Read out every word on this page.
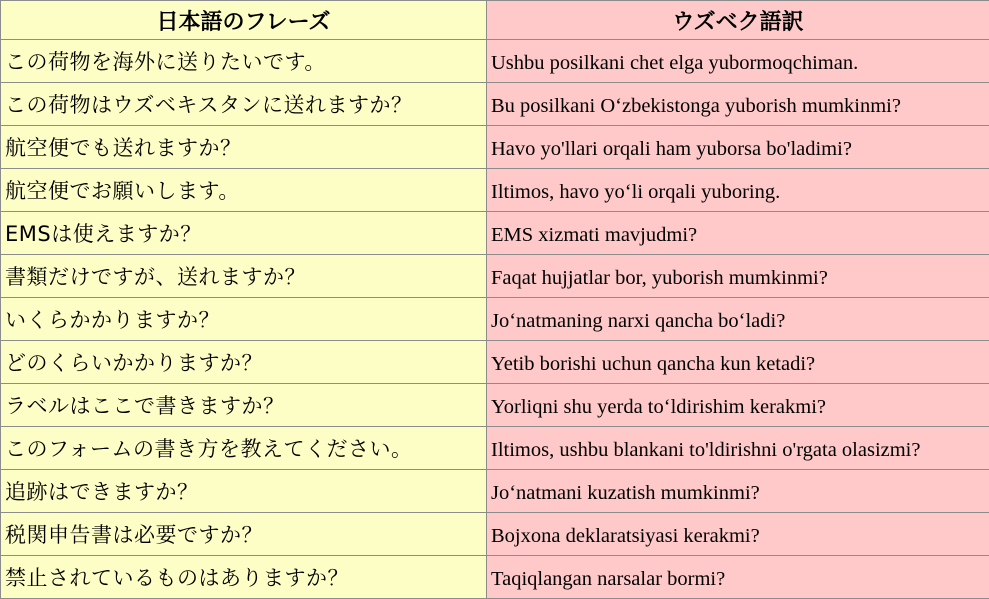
日本語のフレーズ	ウズベク語訳
この荷物を海外に送りたいです。	Ushbu posilkani chet elga yubormoqchiman.
この荷物はウズベキスタンに送れますか？	Bu posilkani O‘zbekistonga yuborish mumkinmi?
航空便でも送れますか？	Havo yo'llari orqali ham yuborsa bo'ladimi?
航空便でお願いします。	Iltimos, havo yo‘li orqali yuboring.
EMSは使えますか？	EMS xizmati mavjudmi?
書類だけですが、送れますか？	Faqat hujjatlar bor, yuborish mumkinmi?
いくらかかりますか？	Jo‘natmaning narxi qancha bo‘ladi?
どのくらいかかりますか？	Yetib borishi uchun qancha kun ketadi?
ラベルはここで書きますか？	Yorliqni shu yerda to‘ldirishim kerakmi?
このフォームの書き方を教えてください。	Iltimos, ushbu blankani to'ldirishni o'rgata olasizmi?
追跡はできますか？	Jo‘natmani kuzatish mumkinmi?
税関申告書は必要ですか？	Bojxona deklaratsiyasi kerakmi?
禁止されているものはありますか？	Taqiqlangan narsalar bormi?
